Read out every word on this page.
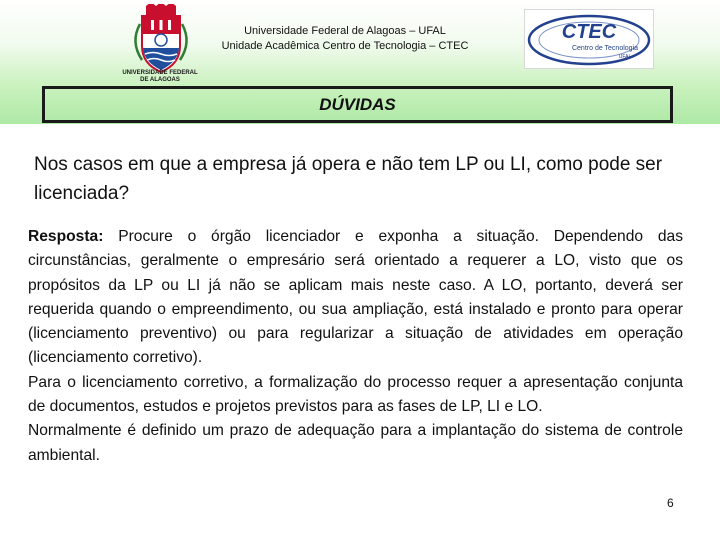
UNIVERSIDADE FEDERAL
DE ALAGOAS
Universidade Federal de Alagoas – UFAL
Unidade Acadêmica Centro de Tecnologia – CTEC
CTEC
Centro de Tecnologia
UFAL
DÚVIDAS
Nos casos em que a empresa já opera e não tem LP ou LI, como pode ser licenciada?

Resposta: Procure o órgão licenciador e exponha a situação. Dependendo das circunstâncias, geralmente o empresário será orientado a requerer a LO, visto que os propósitos da LP ou LI já não se aplicam mais neste caso. A LO, portanto, deverá ser requerida quando o empreendimento, ou sua ampliação, está instalado e pronto para operar (licenciamento preventivo) ou para regularizar a situação de atividades em operação (licenciamento corretivo).

Para o licenciamento corretivo, a formalização do processo requer a apresentação conjunta de documentos, estudos e projetos previstos para as fases de LP, LI e LO.

Normalmente é definido um prazo de adequação para a implantação do sistema de controle ambiental.

6
